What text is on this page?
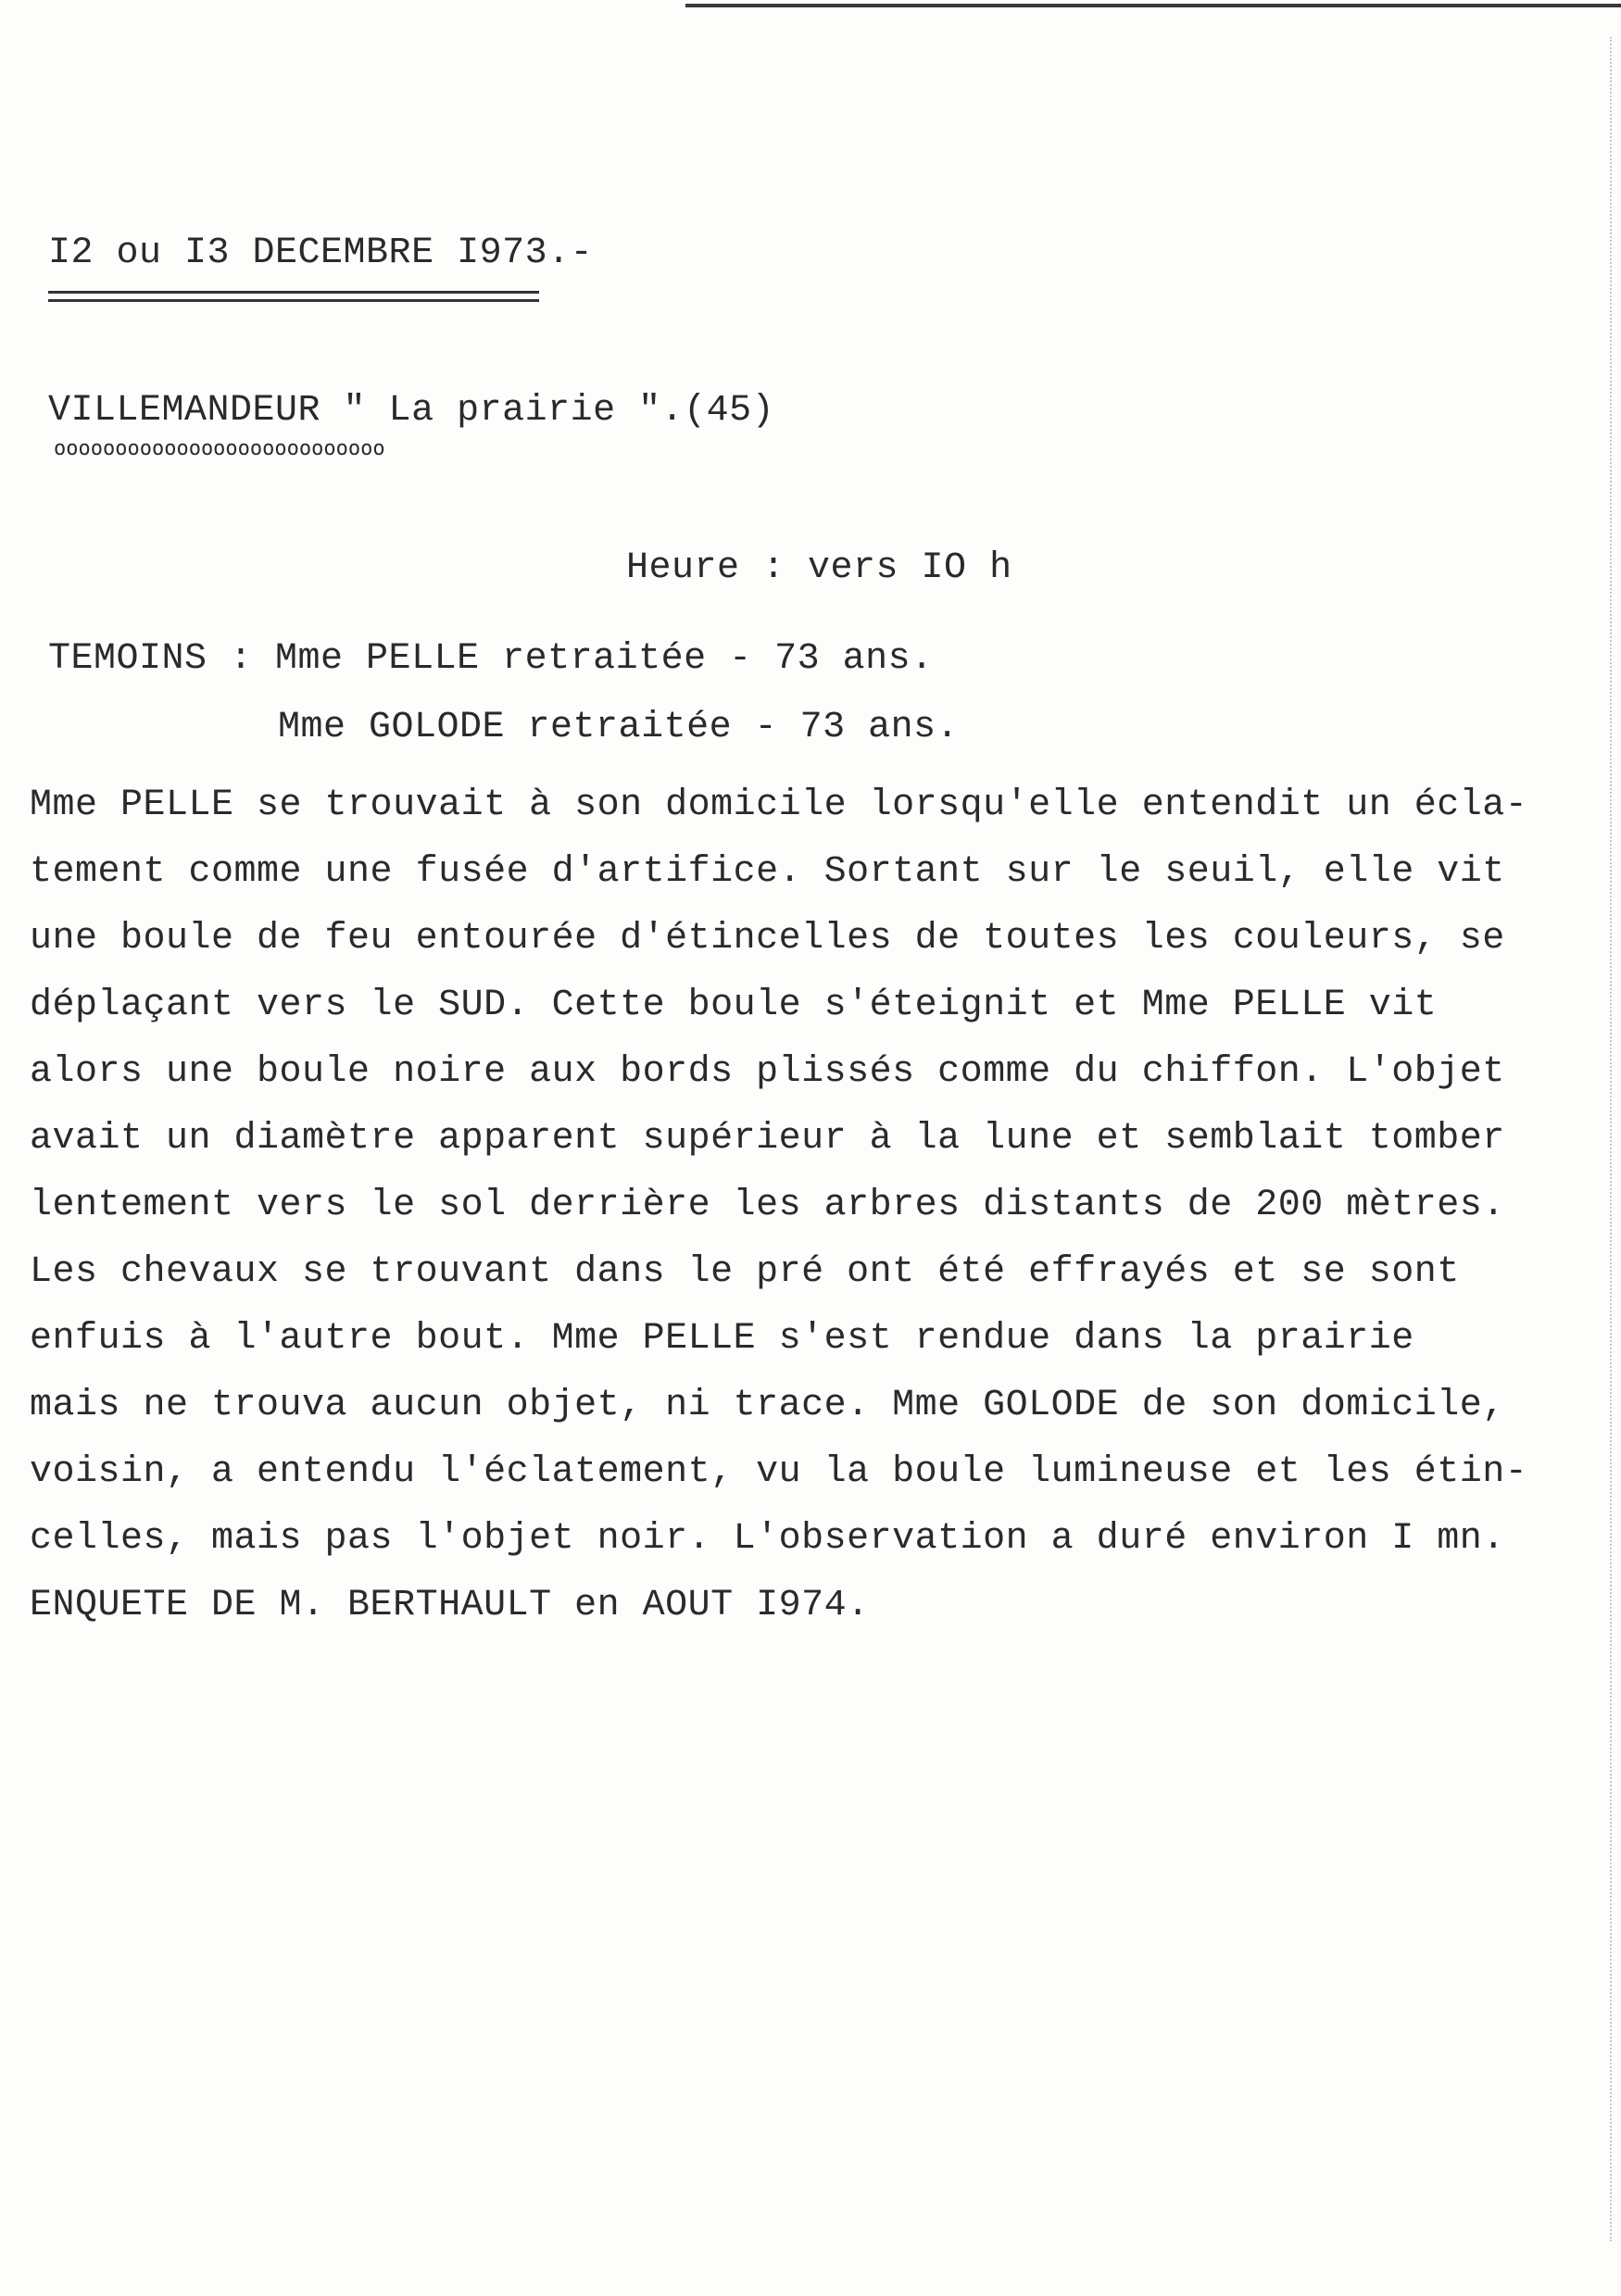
I2 ou I3 DECEMBRE I973.-
VILLEMANDEUR " La prairie ".(45)
ooooooooooooooooooooooooooo
Heure : vers IO h
TEMOINS : Mme PELLE retraitée - 73 ans.
Mme GOLODE retraitée - 73 ans.
Mme PELLE se trouvait à son domicile lorsqu'elle entendit un écla-
tement comme une fusée d'artifice. Sortant sur le seuil, elle vit
une boule de feu entourée d'étincelles de toutes les couleurs, se
déplaçant vers le SUD. Cette boule s'éteignit et Mme PELLE vit
alors une boule noire aux bords plissés comme du chiffon. L'objet
avait un diamètre apparent supérieur à la lune et semblait tomber
lentement vers le sol derrière les arbres distants de 200 mètres.
Les chevaux se trouvant dans le pré ont été effrayés et se sont
enfuis à l'autre bout. Mme PELLE s'est rendue dans la prairie
mais ne trouva aucun objet, ni trace. Mme GOLODE de son domicile,
voisin, a entendu l'éclatement, vu la boule lumineuse et les étin-
celles, mais pas l'objet noir. L'observation a duré environ I mn.
ENQUETE DE M. BERTHAULT en AOUT I974.
